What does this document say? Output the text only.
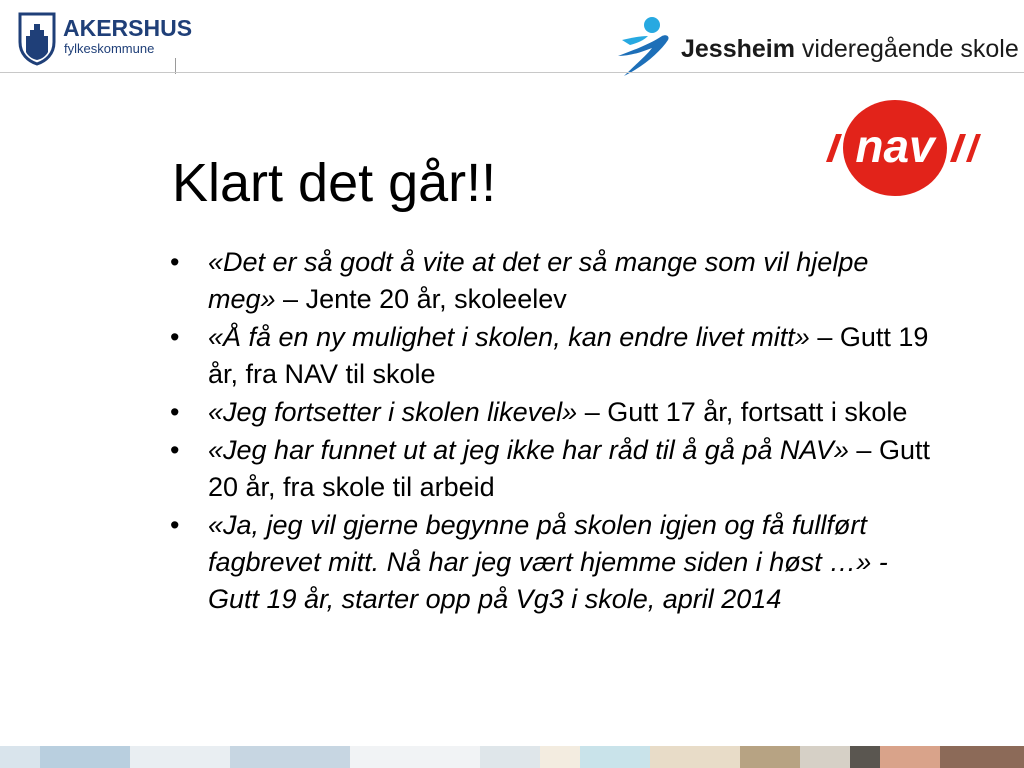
AKERSHUS
fylkeskommune	Jessheim videregående skole
nav
Klart det går!!
•	«Det er så godt å vite at det er så mange som vil hjelpe meg» – Jente 20 år, skoleelev
•	«Å få en ny mulighet i skolen, kan endre livet mitt» – Gutt 19 år, fra NAV til skole
•	«Jeg fortsetter i skolen likevel» – Gutt 17 år, fortsatt i skole
•	«Jeg har funnet ut at jeg ikke har råd til å gå på NAV» – Gutt 20 år, fra skole til arbeid
•	«Ja, jeg vil gjerne begynne på skolen igjen og få fullført fagbrevet mitt. Nå har jeg vært hjemme siden i høst …» - Gutt 19 år, starter opp på Vg3 i skole, april 2014
